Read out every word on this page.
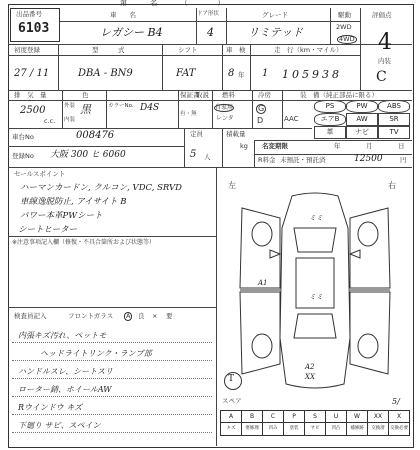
第　　　 名　　　 （　　　　 ）
出品番号
6103
車　　名	ドア形状	グレード	駆動	評価点
レガシー B4	4	リミテッド	2WD
4WD 4
初度登録	型　　　式	シフト	車　検	走　行（km・マイル）
内装
27 / 11	DBA - BN9	FAT	8 年 1 105938 C
排　気　量	色	保証書
取説 燃料	冷房	装　備（純正部品に限る）
2500
c.c.
外装
内装
黒	カラーNo. D4S
有・無
自家用
レンタ
G
D	AAC
PS	PW	ABS
エアB	AW	SR
革	ナビ	TV
車台No	008476
登録No 大阪 300 ヒ 6060
定員
5 人
積載量
kg 名変期限	年	月	日
R料金 未預託・預託済	12500	円
セールスポイント
ハーマンカードン, クルコン, VDC, SRVD
車線逸脱防止, アイサイト B
パワー本革PWシート
シートヒーター
※注意事項記入欄（修復・不具合箇所および状態等）
検査員記入	フロントガラス	A	良 × 要
内張キズ汚れ、ペットモ
ヘッドライトリンク・ランプ部
ハンドルスレ、シートスリ
ローター錆、ホイールAW
Rウインドウ キズ
下廻り サビ、スペイン
左	右
ミミ
A1
ミミ
A2
XX
T
スペア	5/
A	B	C	P	S	U	W	XX	X
キズ	要修理	凹み	塗装	サビ	凹凸	補修跡	交換済	交換必要
